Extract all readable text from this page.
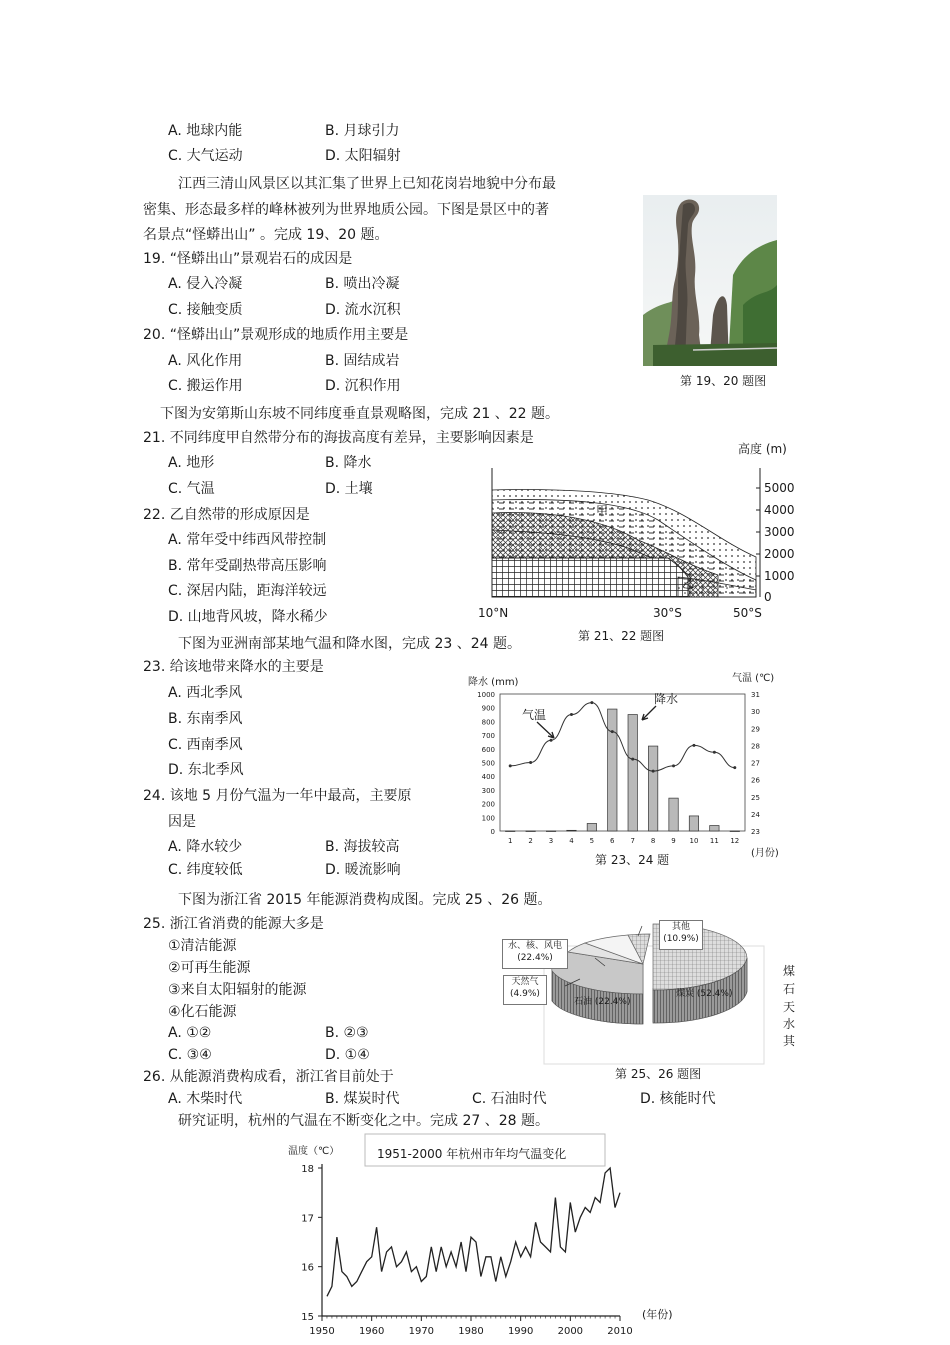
A. 地球内能	B. 月球引力
C. 大气运动	D. 太阳辐射
江西三清山风景区以其汇集了世界上已知花岗岩地貌中分布最
密集、形态最多样的峰林被列为世界地质公园。下图是景区中的著
名景点“怪蟒出山” 。完成 19、20 题。
19. “怪蟒出山”景观岩石的成因是
A. 侵入冷凝	B. 喷出冷凝
C. 接触变质	D. 流水沉积
20. “怪蟒出山”景观形成的地质作用主要是
A. 风化作用	B. 固结成岩
C. 搬运作用	D. 沉积作用	第 19、20 题图
下图为安第斯山东坡不同纬度垂直景观略图，完成 21 、22 题。
21. 不同纬度甲自然带分布的海拔高度有差异，主要影响因素是
A. 地形	B. 降水
C. 气温	D. 土壤
22. 乙自然带的形成原因是
A. 常年受中纬西风带控制
B. 常年受副热带高压影响
C. 深居内陆，距海洋较远
D. 山地背风坡，降水稀少
高度 (m)
甲
乙
5000
4000
3000
2000
1000
0
10°N	30°S	50°S
第 21、22 题图
下图为亚洲南部某地气温和降水图，完成 23 、24 题。
23. 给该地带来降水的主要是
A. 西北季风
B. 东南季风
C. 西南季风
D. 东北季风
24. 该地 5 月份气温为一年中最高，主要原
因是
A. 降水较少	B. 海拔较高
C. 纬度较低	D. 暖流影响
降水 (mm)	气温 (℃)
1000
900
800
700
600
500
400
300
200
100
0
31
30
29
28
27
26
25
24
23
1 2 3 4 5 6 7 8 9 10 11 12
气温
降水
第 23、24 题	(月份)
下图为浙江省 2015 年能源消费构成图。完成 25 、26 题。
25. 浙江省消费的能源大多是
①清洁能源
②可再生能源
③来自太阳辐射的能源
④化石能源
A. ①②	B. ②③
C. ③④	D. ①④
石油 (22.4%)
煤炭 (52.4%)
其他
(10.9%)
水、核、风电
(22.4%)
天然气
(4.9%)
煤
石
天
水
其
第 25、26 题图
26. 从能源消费构成看，浙江省目前处于
A. 木柴时代	B. 煤炭时代	C. 石油时代	D. 核能时代
研究证明，杭州的气温在不断变化之中。完成 27 、28 题。
1951-2000 年杭州市年均气温变化
温度（℃）
(年份)
15
16
17
18
1950 1960 1970 1980 1990 2000 2010
